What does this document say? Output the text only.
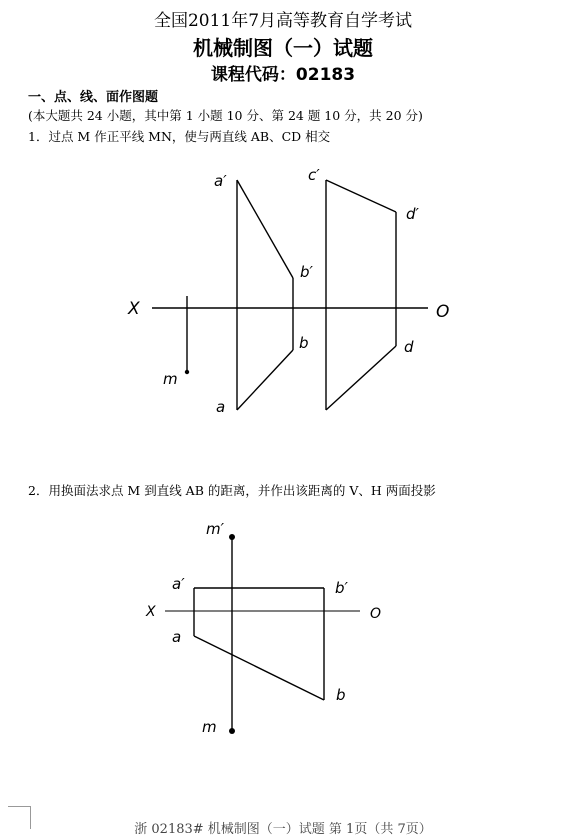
全国2011年7月高等教育自学考试
机械制图（一）试题
课程代码：02183
一、点、线、面作图题
(本大题共 24 小题，其中第 1 小题 10 分、第 24 题 10 分，共 20 分)
1．过点 M 作正平线 MN，使与两直线 AB、CD 相交
a′
b′
c′
d′
a
b	d
m
X	O
m′
a′	b′
a
b
m
X	O
2．用换面法求点 M 到直线 AB 的距离，并作出该距离的 V、H 两面投影
浙 02183# 机械制图（一）试题 第 1页（共 7页）
